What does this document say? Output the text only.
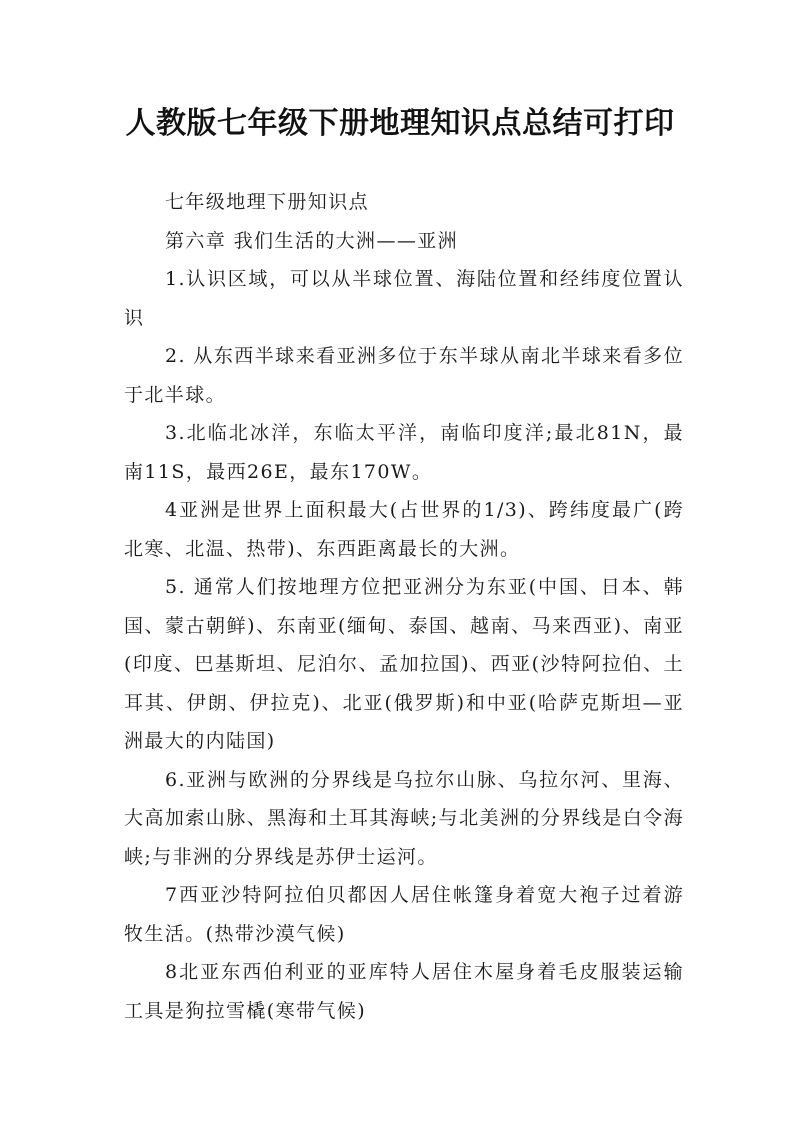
人教版七年级下册地理知识点总结可打印

七年级地理下册知识点

第六章 我们生活的大洲——亚洲

1.认识区域，可以从半球位置、海陆位置和经纬度位置认识

2. 从东西半球来看亚洲多位于东半球从南北半球来看多位于北半球。

3.北临北冰洋，东临太平洋，南临印度洋;最北81N，最南11S，最西26E，最东170W。

4亚洲是世界上面积最大(占世界的1/3)、跨纬度最广(跨北寒、北温、热带)、东西距离最长的大洲。

5. 通常人们按地理方位把亚洲分为东亚(中国、日本、韩国、蒙古朝鲜)、东南亚(缅甸、泰国、越南、马来西亚)、南亚(印度、巴基斯坦、尼泊尔、孟加拉国)、西亚(沙特阿拉伯、土耳其、伊朗、伊拉克)、北亚(俄罗斯)和中亚(哈萨克斯坦—亚洲最大的内陆国)

6.亚洲与欧洲的分界线是乌拉尔山脉、乌拉尔河、里海、大高加索山脉、黑海和土耳其海峡;与北美洲的分界线是白令海峡;与非洲的分界线是苏伊士运河。

7西亚沙特阿拉伯贝都因人居住帐篷身着宽大袍子过着游牧生活。(热带沙漠气候)

8北亚东西伯利亚的亚库特人居住木屋身着毛皮服装运输工具是狗拉雪橇(寒带气候)
